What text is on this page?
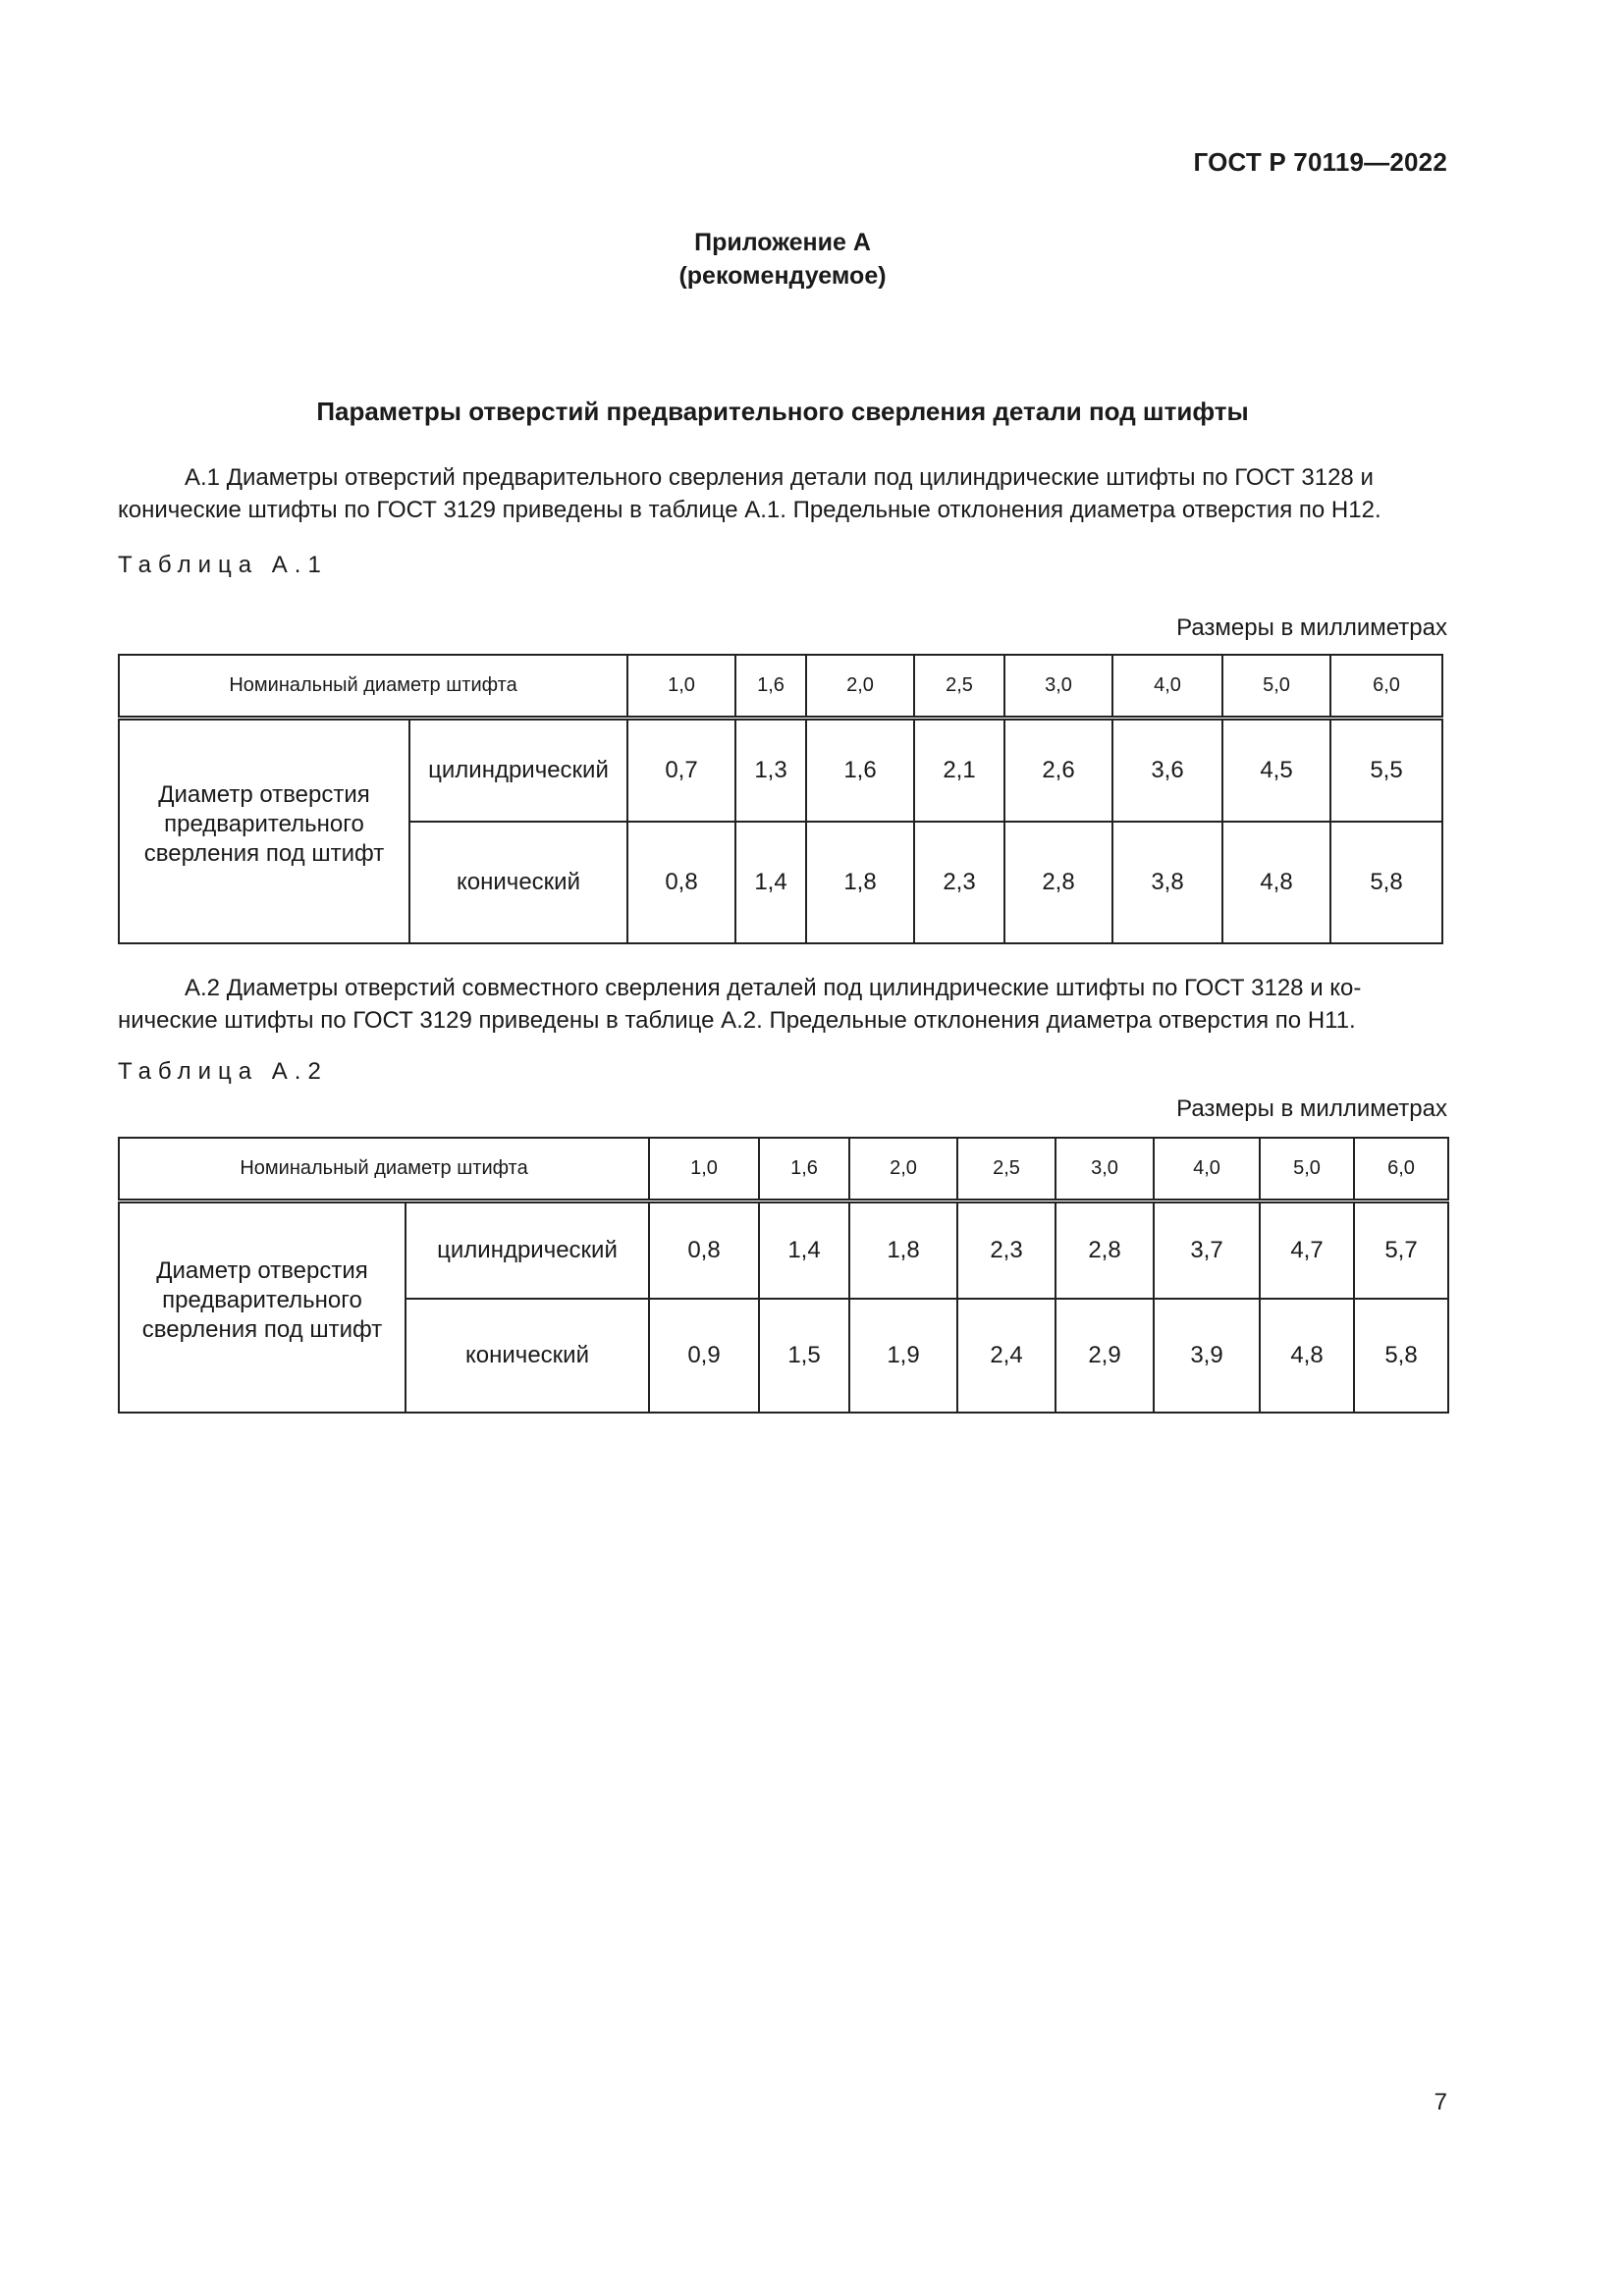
ГОСТ Р 70119—2022
Приложение А
(рекомендуемое)
Параметры отверстий предварительного сверления детали под штифты
А.1 Диаметры отверстий предварительного сверления детали под цилиндрические штифты по ГОСТ 3128 и
конические штифты по ГОСТ 3129 приведены в таблице А.1. Предельные отклонения диаметра отверстия по Н12.
Таблица А.1
Размеры в миллиметрах
Номинальный диаметр штифта		1,0	1,6	2,0	2,5	3,0	4,0	5,0	6,0
Диаметр отверстия предварительного сверления под штифт	цилиндрический	0,7	1,3	1,6	2,1	2,6	3,6	4,5	5,5
	конический	0,8	1,4	1,8	2,3	2,8	3,8	4,8	5,8
А.2 Диаметры отверстий совместного сверления деталей под цилиндрические штифты по ГОСТ 3128 и ко-
нические штифты по ГОСТ 3129 приведены в таблице А.2. Предельные отклонения диаметра отверстия по Н11.
Таблица А.2
Размеры в миллиметрах
Номинальный диаметр штифта		1,0	1,6	2,0	2,5	3,0	4,0	5,0	6,0
Диаметр отверстия предварительного сверления под штифт	цилиндрический	0,8	1,4	1,8	2,3	2,8	3,7	4,7	5,7
	конический	0,9	1,5	1,9	2,4	2,9	3,9	4,8	5,8
7
